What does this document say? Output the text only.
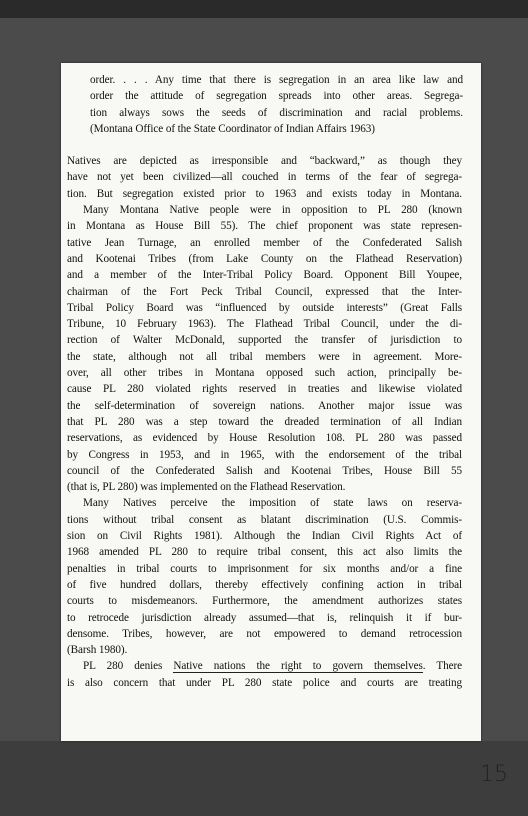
order. . . . Any time that there is segregation in an area like law and
order the attitude of segregation spreads into other areas. Segrega-
tion always sows the seeds of discrimination and racial problems.
(Montana Office of the State Coordinator of Indian Affairs 1963)
Natives are depicted as irresponsible and “backward,” as though they
have not yet been civilized—all couched in terms of the fear of segrega-
tion. But segregation existed prior to 1963 and exists today in Montana.
Many Montana Native people were in opposition to PL 280 (known
in Montana as House Bill 55). The chief proponent was state represen-
tative Jean Turnage, an enrolled member of the Confederated Salish
and Kootenai Tribes (from Lake County on the Flathead Reservation)
and a member of the Inter-Tribal Policy Board. Opponent Bill Youpee,
chairman of the Fort Peck Tribal Council, expressed that the Inter-
Tribal Policy Board was “influenced by outside interests” (Great Falls
Tribune, 10 February 1963). The Flathead Tribal Council, under the di-
rection of Walter McDonald, supported the transfer of jurisdiction to
the state, although not all tribal members were in agreement. More-
over, all other tribes in Montana opposed such action, principally be-
cause PL 280 violated rights reserved in treaties and likewise violated
the self-determination of sovereign nations. Another major issue was
that PL 280 was a step toward the dreaded termination of all Indian
reservations, as evidenced by House Resolution 108. PL 280 was passed
by Congress in 1953, and in 1965, with the endorsement of the tribal
council of the Confederated Salish and Kootenai Tribes, House Bill 55
(that is, PL 280) was implemented on the Flathead Reservation.
Many Natives perceive the imposition of state laws on reserva-
tions without tribal consent as blatant discrimination (U.S. Commis-
sion on Civil Rights 1981). Although the Indian Civil Rights Act of
1968 amended PL 280 to require tribal consent, this act also limits the
penalties in tribal courts to imprisonment for six months and/or a fine
of five hundred dollars, thereby effectively confining action in tribal
courts to misdemeanors. Furthermore, the amendment authorizes states
to retrocede jurisdiction already assumed—that is, relinquish it if bur-
densome. Tribes, however, are not empowered to demand retrocession
(Barsh 1980).
PL 280 denies Native nations the right to govern themselves. There
is also concern that under PL 280 state police and courts are treating
15
